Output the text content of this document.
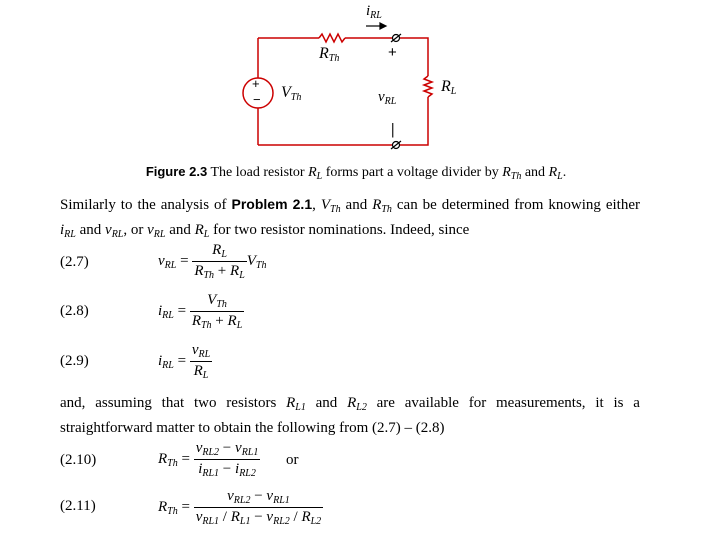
$i_{RL}$
$R_{Th}$	+
+
− $V_{Th}$	$v_{RL}$
|
$R_L$
Figure 2.3 The load resistor $R_L$ forms part a voltage divider by $R_{Th}$ and $R_L$.
Similarly to the analysis of Problem 2.1, $V_{Th}$ and $R_{Th}$ can be determined from knowing either $i_{RL}$ and $v_{RL}$, or $v_{RL}$ and $R_L$ for two resistor nominations. Indeed, since
(2.7)	$v_{RL} = \frac{R_L}{R_{Th} + R_L} V_{Th}$
(2.8)	$i_{RL} = \frac{V_{Th}}{R_{Th} + R_L}$
(2.9)	$i_{RL} = \frac{v_{RL}}{R_L}$
and, assuming that two resistors $R_{L1}$ and $R_{L2}$ are available for measurements, it is a straightforward matter to obtain the following from (2.7) – (2.8)
(2.10)	$R_{Th} = \frac{v_{RL2} - v_{RL1}}{i_{RL1} - i_{RL2}}$ or
(2.11)	$R_{Th} = \frac{v_{RL2} - v_{RL1}}{v_{RL1} / R_{L1} - v_{RL2} / R_{L2}}$
